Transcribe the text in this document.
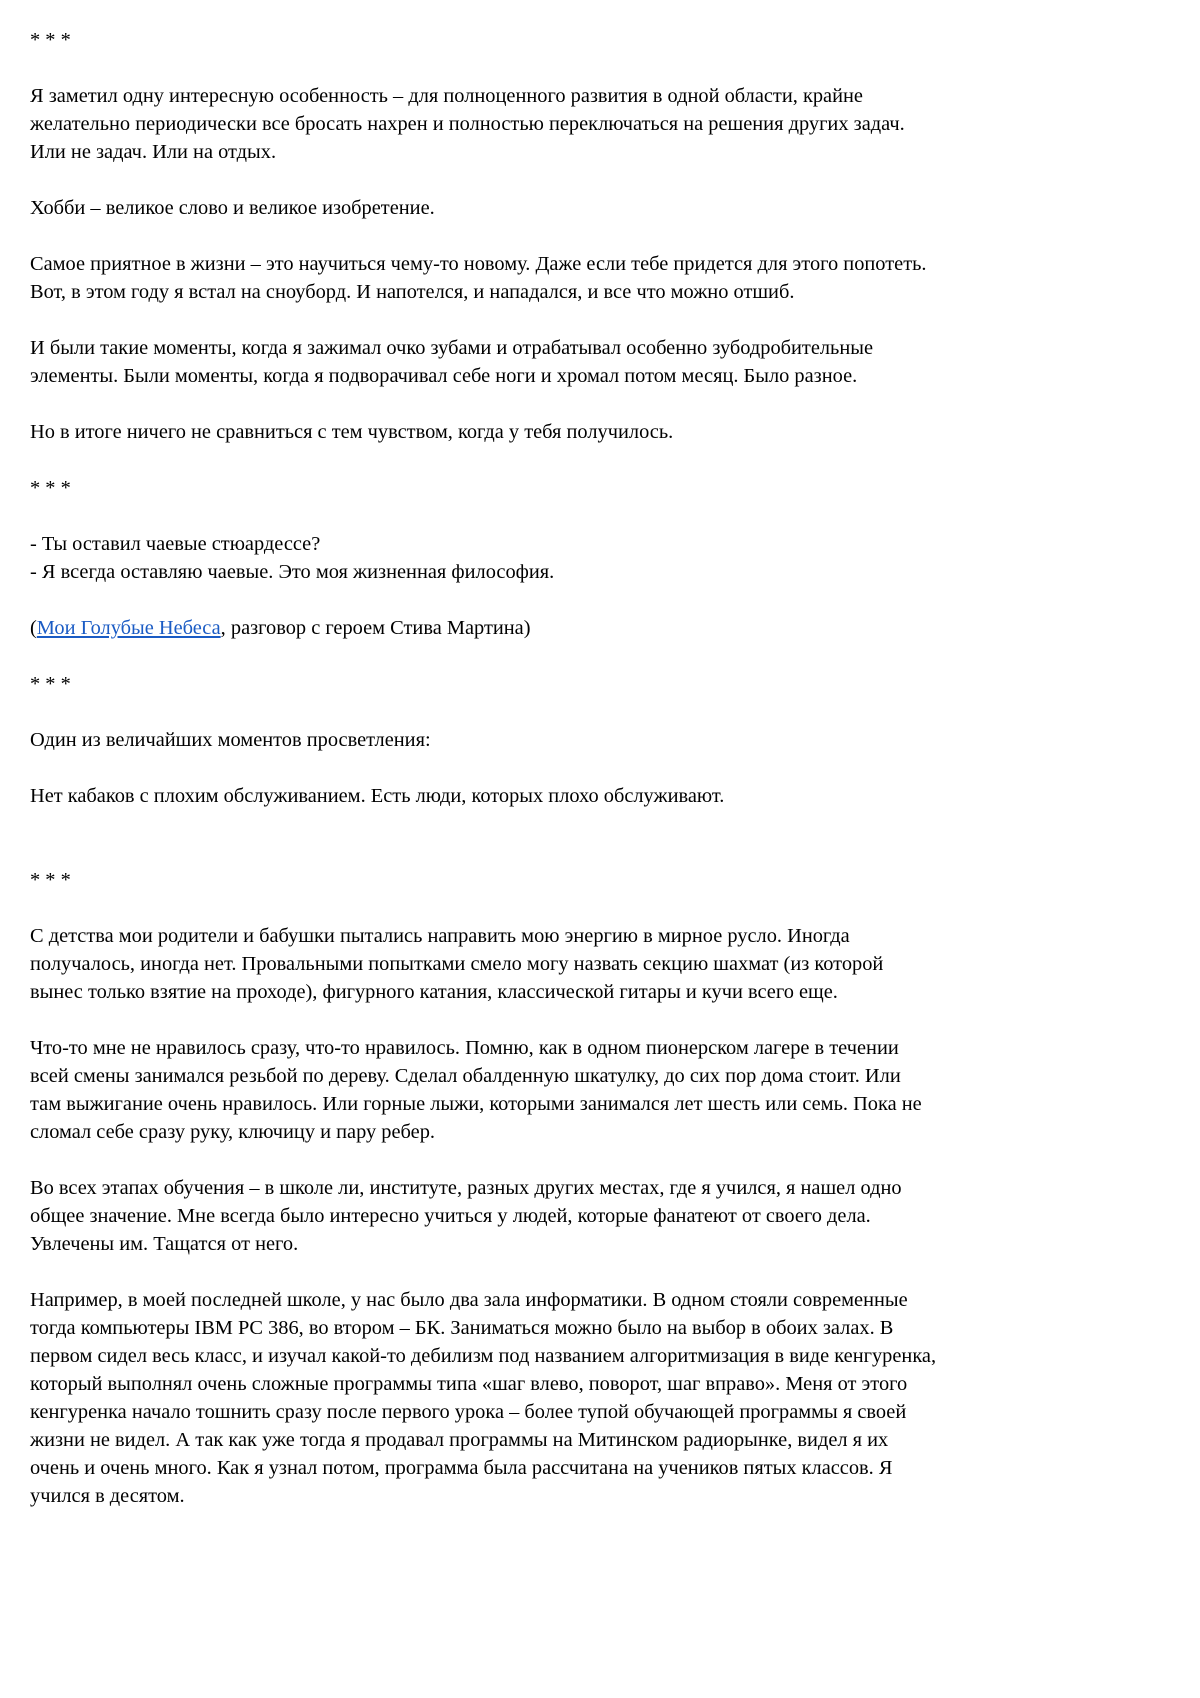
* * *
Я заметил одну интересную особенность – для полноценного развития в одной области, крайне
желательно периодически все бросать нахрен и полностью переключаться на решения других задач.
Или не задач. Или на отдых.
Хобби – великое слово и великое изобретение.
Самое приятное в жизни – это научиться чему-то новому. Даже если тебе придется для этого попотеть.
Вот, в этом году я встал на сноуборд. И напотелся, и нападался, и все что можно отшиб.
И были такие моменты, когда я зажимал очко зубами и отрабатывал особенно зубодробительные
элементы. Были моменты, когда я подворачивал себе ноги и хромал потом месяц. Было разное.
Но в итоге ничего не сравниться с тем чувством, когда у тебя получилось.
* * *
- Ты оставил чаевые стюардессе?
- Я всегда оставляю чаевые. Это моя жизненная философия.
(Мои Голубые Небеса, разговор с героем Стива Мартина)
* * *
Один из величайших моментов просветления:
Нет кабаков с плохим обслуживанием. Есть люди, которых плохо обслуживают.
* * *
С детства мои родители и бабушки пытались направить мою энергию в мирное русло. Иногда
получалось, иногда нет. Провальными попытками смело могу назвать секцию шахмат (из которой
вынес только взятие на проходе), фигурного катания, классической гитары и кучи всего еще.
Что-то мне не нравилось сразу, что-то нравилось. Помню, как в одном пионерском лагере в течении
всей смены занимался резьбой по дереву. Сделал обалденную шкатулку, до сих пор дома стоит. Или
там выжигание очень нравилось. Или горные лыжи, которыми занимался лет шесть или семь. Пока не
сломал себе сразу руку, ключицу и пару ребер.
Во всех этапах обучения – в школе ли, институте, разных других местах, где я учился, я нашел одно
общее значение. Мне всегда было интересно учиться у людей, которые фанатеют от своего дела.
Увлечены им. Тащатся от него.
Например, в моей последней школе, у нас было два зала информатики. В одном стояли современные
тогда компьютеры IBM PC 386, во втором – БК. Заниматься можно было на выбор в обоих залах. В
первом сидел весь класс, и изучал какой-то дебилизм под названием алгоритмизация в виде кенгуренка,
который выполнял очень сложные программы типа «шаг влево, поворот, шаг вправо». Меня от этого
кенгуренка начало тошнить сразу после первого урока – более тупой обучающей программы я своей
жизни не видел. А так как уже тогда я продавал программы на Митинском радиорынке, видел я их
очень и очень много. Как я узнал потом, программа была рассчитана на учеников пятых классов. Я
учился в десятом.
